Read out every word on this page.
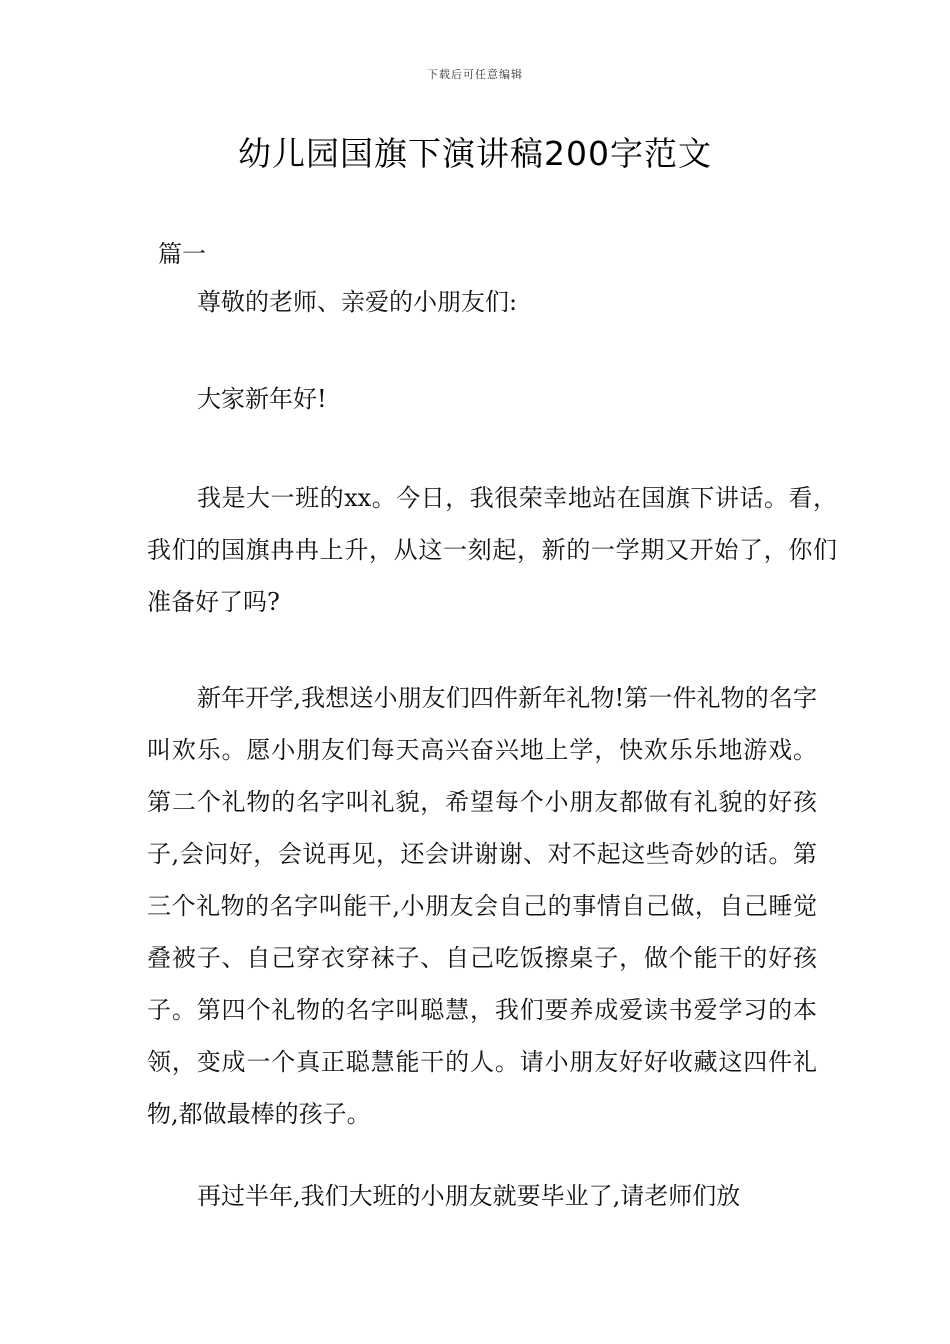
下载后可任意编辑
幼儿园国旗下演讲稿200字范文
篇一

尊敬的老师、亲爱的小朋友们:

大家新年好!

我是大一班的xx。今日，我很荣幸地站在国旗下讲话。看，我们的国旗冉冉上升，从这一刻起，新的一学期又开始了，你们准备好了吗?

新年开学,我想送小朋友们四件新年礼物!第一件礼物的名字叫欢乐。愿小朋友们每天高兴奋兴地上学，快欢乐乐地游戏。第二个礼物的名字叫礼貌，希望每个小朋友都做有礼貌的好孩子,会问好，会说再见，还会讲谢谢、对不起这些奇妙的话。第三个礼物的名字叫能干,小朋友会自己的事情自己做，自己睡觉叠被子、自己穿衣穿袜子、自己吃饭擦桌子，做个能干的好孩子。第四个礼物的名字叫聪慧，我们要养成爱读书爱学习的本领，变成一个真正聪慧能干的人。请小朋友好好收藏这四件礼物,都做最棒的孩子。

再过半年,我们大班的小朋友就要毕业了,请老师们放
